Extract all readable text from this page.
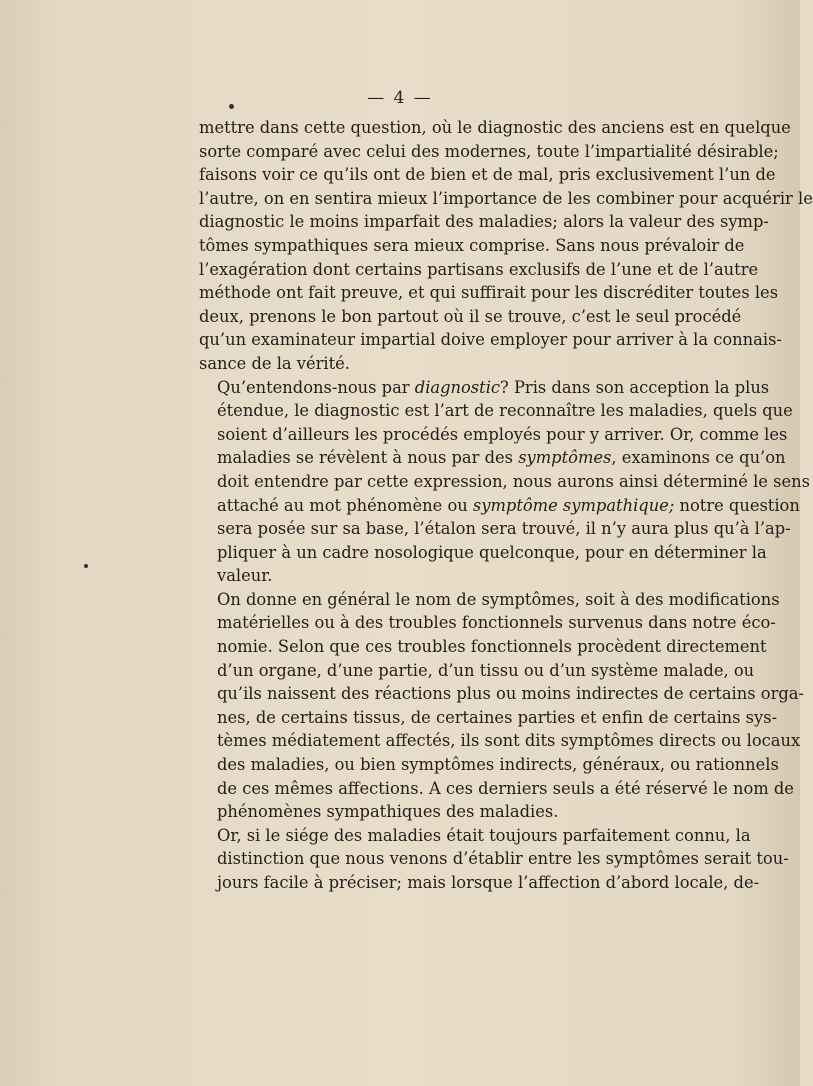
— 4 —

mettre dans cette question, où le diagnostic des anciens est en quelque
sorte comparé avec celui des modernes, toute l’impartialité désirable;
faisons voir ce qu’ils ont de bien et de mal, pris exclusivement l’un de
l’autre, on en sentira mieux l’importance de les combiner pour acquérir le
diagnostic le moins imparfait des maladies; alors la valeur des symp-
tômes sympathiques sera mieux comprise. Sans nous prévaloir de
l’exagération dont certains partisans exclusifs de l’une et de l’autre
méthode ont fait preuve, et qui suffirait pour les discréditer toutes les
deux, prenons le bon partout où il se trouve, c’est le seul procédé
qu’un examinateur impartial doive employer pour arriver à la connais-
sance de la vérité.

Qu’entendons-nous par diagnostic? Pris dans son acception la plus
étendue, le diagnostic est l’art de reconnaître les maladies, quels que
soient d’ailleurs les procédés employés pour y arriver. Or, comme les
maladies se révèlent à nous par des symptômes, examinons ce qu’on
doit entendre par cette expression, nous aurons ainsi déterminé le sens
attaché au mot phénomène ou symptôme sympathique; notre question
sera posée sur sa base, l’étalon sera trouvé, il n’y aura plus qu’à l’ap-
pliquer à un cadre nosologique quelconque, pour en déterminer la
valeur.

On donne en général le nom de symptômes, soit à des modifications
matérielles ou à des troubles fonctionnels survenus dans notre éco-
nomie. Selon que ces troubles fonctionnels procèdent directement
d’un organe, d’une partie, d’un tissu ou d’un système malade, ou
qu’ils naissent des réactions plus ou moins indirectes de certains orga-
nes, de certains tissus, de certaines parties et enfin de certains sys-
tèmes médiatement affectés, ils sont dits symptômes directs ou locaux
des maladies, ou bien symptômes indirects, généraux, ou rationnels
de ces mêmes affections. A ces derniers seuls a été réservé le nom de
phénomènes sympathiques des maladies.

Or, si le siége des maladies était toujours parfaitement connu, la
distinction que nous venons d’établir entre les symptômes serait tou-
jours facile à préciser; mais lorsque l’affection d’abord locale, de-
